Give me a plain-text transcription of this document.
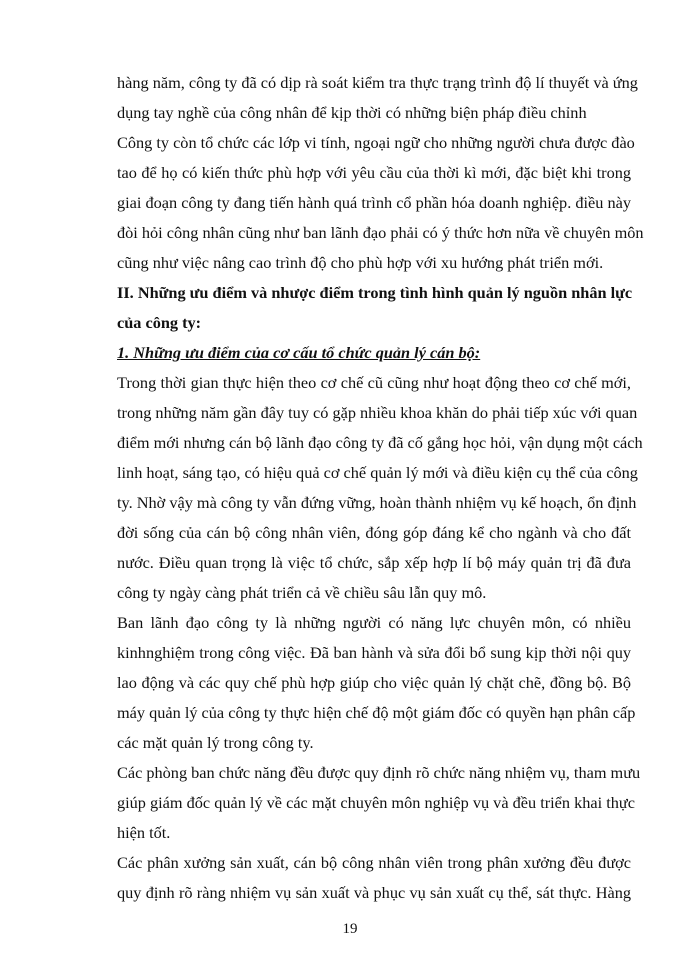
hàng năm, công ty đã có dịp rà soát kiểm tra thực trạng trình độ lí thuyết và ứng
dụng tay nghề của công nhân để kịp thời có những biện pháp điều chỉnh
Công ty còn tổ chức các lớp vi tính, ngoại ngữ cho những người chưa được đào
tao để họ có kiến thức phù hợp với yêu cầu của thời kì mới, đặc biệt khi trong
giai đoạn công ty đang tiến hành quá trình cổ phần hóa doanh nghiệp. điều này
đòi hỏi công nhân cũng như ban lãnh đạo phải có ý thức hơn nữa về chuyên môn
cũng như việc nâng cao trình độ cho phù hợp với xu hướng phát triển mới.
II. Những ưu điểm và nhược điểm trong tình hình quản lý nguồn nhân lực
của công ty:
1. Những ưu điểm của cơ cấu tổ chức quản lý cán bộ:
Trong thời gian thực hiện theo cơ chế cũ cũng như hoạt động theo cơ chế mới,
trong những năm gần đây tuy có gặp nhiều khoa khăn do phải tiếp xúc với quan
điểm mới nhưng cán bộ lãnh đạo công ty đã cố gắng học hỏi, vận dụng một cách
linh hoạt, sáng tạo, có hiệu quả cơ chế quản lý mới và điều kiện cụ thể của công
ty. Nhờ vậy mà công ty vẫn đứng vững, hoàn thành nhiệm vụ kế hoạch, ổn định
đời sống của cán bộ công nhân viên, đóng góp đáng kể cho ngành và cho đất
nước. Điều quan trọng là việc tổ chức, sắp xếp hợp lí bộ máy quản trị đã đưa
công ty ngày càng phát triển cả về chiều sâu lẫn quy mô.
Ban lãnh đạo công ty là những người có năng lực chuyên môn, có nhiều
kinhnghiệm trong công việc. Đã ban hành và sửa đổi bổ sung kịp thời nội quy
lao động và các quy chế phù hợp giúp cho việc quản lý chặt chẽ, đồng bộ. Bộ
máy quản lý của công ty thực hiện chế độ một giám đốc có quyền hạn phân cấp
các mặt quản lý trong công ty.
Các phòng ban chức năng đều được quy định rõ chức năng nhiệm vụ, tham mưu
giúp giám đốc quản lý về các mặt chuyên môn nghiệp vụ và đều triển khai thực
hiện tốt.
Các phân xưởng sản xuất, cán bộ công nhân viên trong phân xưởng đều được
quy định rõ ràng nhiệm vụ sản xuất và phục vụ sản xuất cụ thể, sát thực. Hàng
19
